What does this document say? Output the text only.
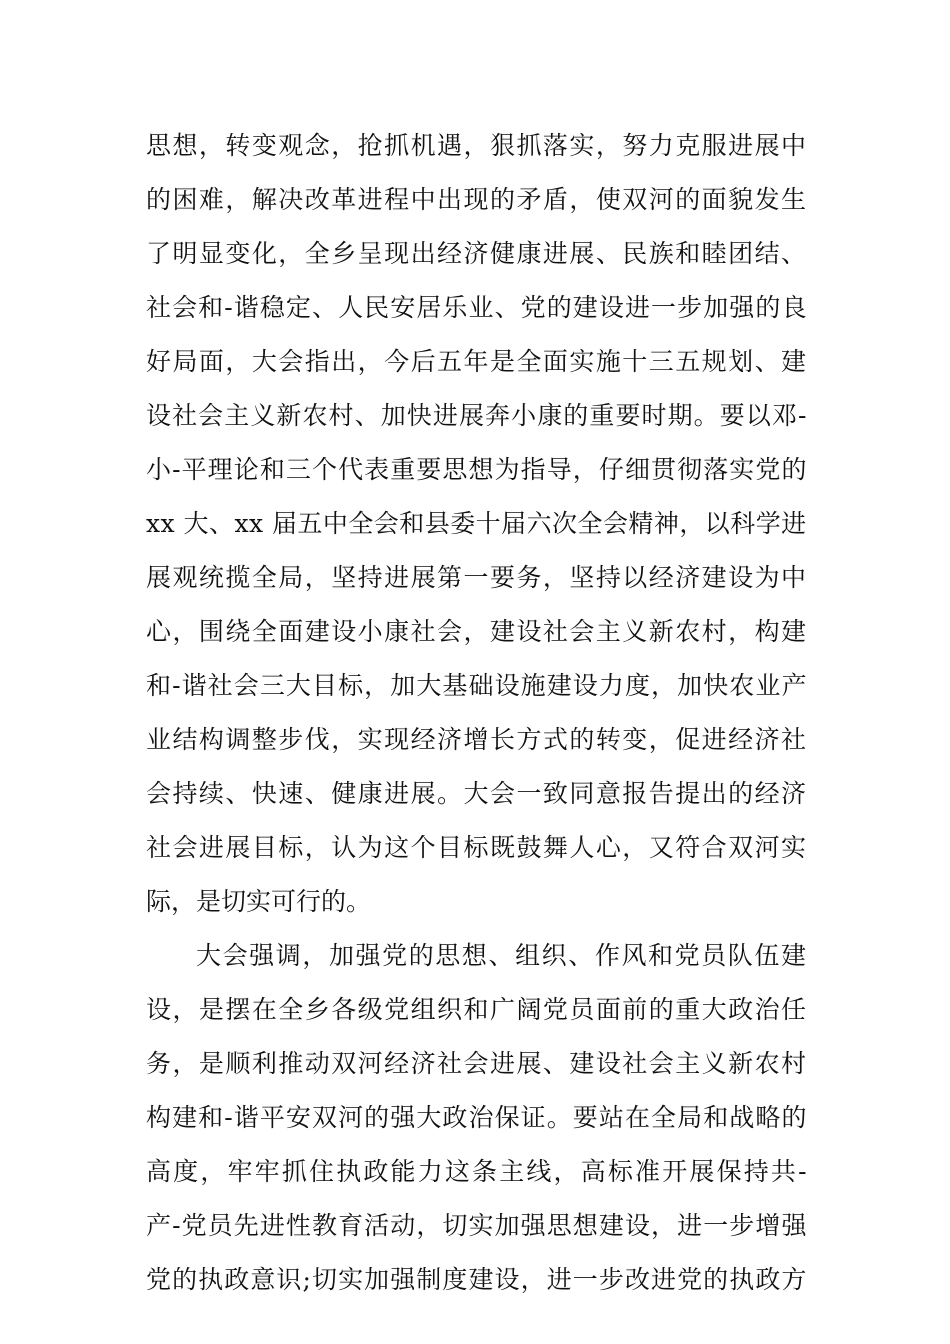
思想，转变观念，抢抓机遇，狠抓落实，努力克服进展中
的困难，解决改革进程中出现的矛盾，使双河的面貌发生
了明显变化，全乡呈现出经济健康进展、民族和睦团结、
社会和-谐稳定、人民安居乐业、党的建设进一步加强的良
好局面，大会指出，今后五年是全面实施十三五规划、建
设社会主义新农村、加快进展奔小康的重要时期。要以邓-
小-平理论和三个代表重要思想为指导，仔细贯彻落实党的
xx 大、xx 届五中全会和县委十届六次全会精神，以科学进
展观统揽全局，坚持进展第一要务，坚持以经济建设为中
心，围绕全面建设小康社会，建设社会主义新农村，构建
和-谐社会三大目标，加大基础设施建设力度，加快农业产
业结构调整步伐，实现经济增长方式的转变，促进经济社
会持续、快速、健康进展。大会一致同意报告提出的经济
社会进展目标，认为这个目标既鼓舞人心，又符合双河实
际，是切实可行的。
大会强调，加强党的思想、组织、作风和党员队伍建
设，是摆在全乡各级党组织和广阔党员面前的重大政治任
务，是顺利推动双河经济社会进展、建设社会主义新农村
构建和-谐平安双河的强大政治保证。要站在全局和战略的
高度，牢牢抓住执政能力这条主线，高标准开展保持共-
产-党员先进性教育活动，切实加强思想建设，进一步增强
党的执政意识;切实加强制度建设，进一步改进党的执政方
